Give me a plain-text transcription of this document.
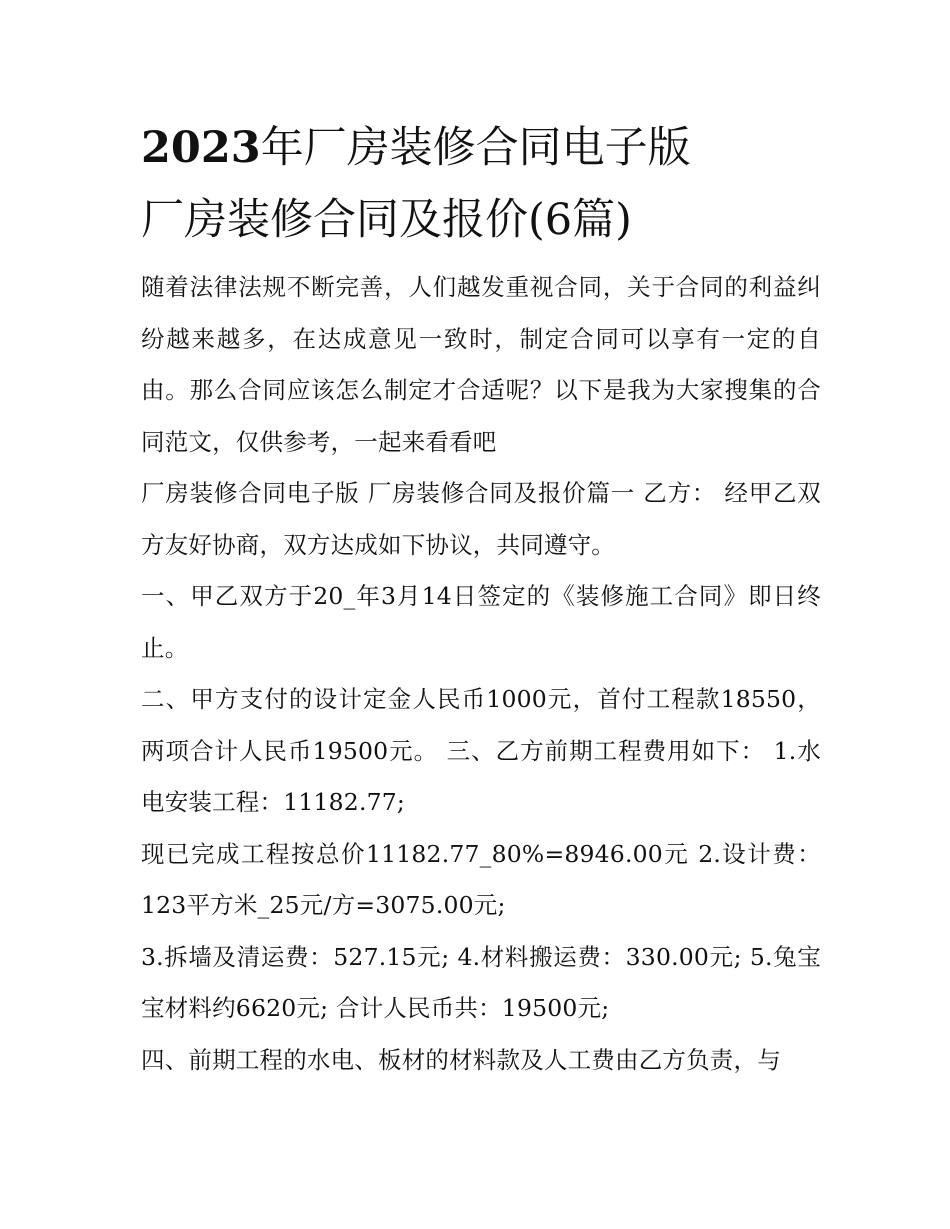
2023年厂房装修合同电子版
厂房装修合同及报价(6篇)

随着法律法规不断完善，人们越发重视合同，关于合同的利益纠纷越来越多，在达成意见一致时，制定合同可以享有一定的自由。那么合同应该怎么制定才合适呢？以下是我为大家搜集的合同范文，仅供参考，一起来看看吧

厂房装修合同电子版 厂房装修合同及报价篇一 乙方： 经甲乙双方友好协商，双方达成如下协议，共同遵守。

一、甲乙双方于20_年3月14日签定的《装修施工合同》即日终止。

二、甲方支付的设计定金人民币1000元，首付工程款18550，两项合计人民币19500元。 三、乙方前期工程费用如下： 1.水电安装工程：11182.77;

现已完成工程按总价11182.77_80%=8946.00元 2.设计费：123平方米_25元/方=3075.00元;

3.拆墙及清运费：527.15元; 4.材料搬运费：330.00元; 5.兔宝宝材料约6620元; 合计人民币共：19500元;

四、前期工程的水电、板材的材料款及人工费由乙方负责，与
